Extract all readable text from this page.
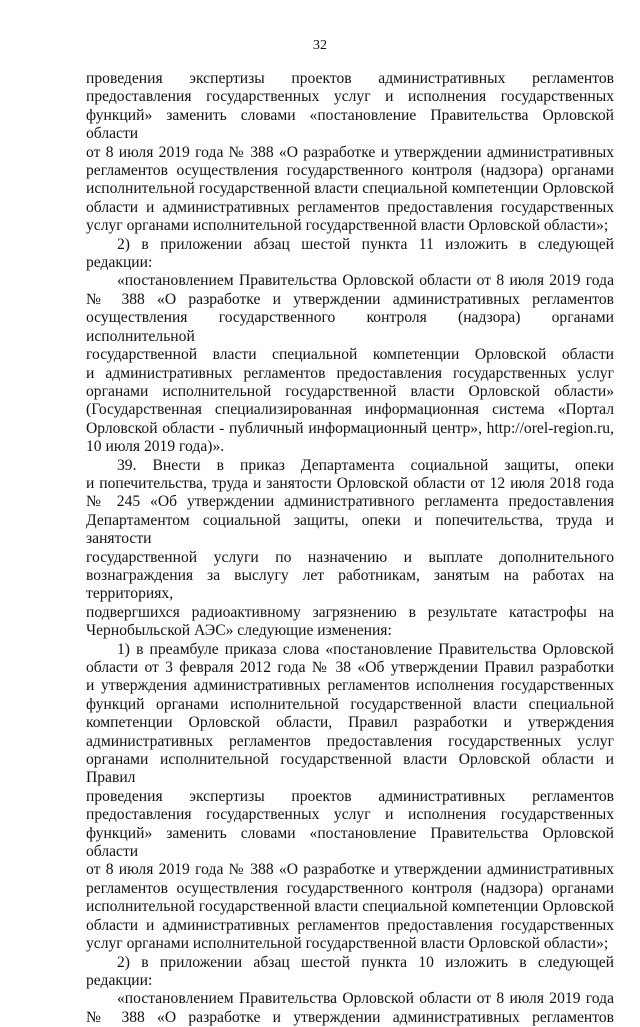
32

проведения экспертизы проектов административных регламентов

предоставления государственных услуг и исполнения государственных

функций» заменить словами «постановление Правительства Орловской области

от 8 июля 2019 года № 388 «О разработке и утверждении административных

регламентов осуществления государственного контроля (надзора) органами

исполнительной государственной власти специальной компетенции Орловской

области и административных регламентов предоставления государственных

услуг органами исполнительной государственной власти Орловской области»;

2) в приложении абзац шестой пункта 11 изложить в следующей редакции:

«постановлением Правительства Орловской области от 8 июля 2019 года

№ 388 «О разработке и утверждении административных регламентов

осуществления государственного контроля (надзора) органами исполнительной

государственной власти специальной компетенции Орловской области

и административных регламентов предоставления государственных услуг

органами исполнительной государственной власти Орловской области»

(Государственная специализированная информационная система «Портал

Орловской области - публичный информационный центр», http://orel-region.ru,

10 июля 2019 года)».

39. Внести в приказ Департамента социальной защиты, опеки

и попечительства, труда и занятости Орловской области от 12 июля 2018 года

№ 245 «Об утверждении административного регламента предоставления

Департаментом социальной защиты, опеки и попечительства, труда и занятости

государственной услуги по назначению и выплате дополнительного

вознаграждения за выслугу лет работникам, занятым на работах на территориях,

подвергшихся радиоактивному загрязнению в результате катастрофы на

Чернобыльской АЭС» следующие изменения:

1) в преамбуле приказа слова «постановление Правительства Орловской

области от 3 февраля 2012 года № 38 «Об утверждении Правил разработки

и утверждения административных регламентов исполнения государственных

функций органами исполнительной государственной власти специальной

компетенции Орловской области, Правил разработки и утверждения

административных регламентов предоставления государственных услуг

органами исполнительной государственной власти Орловской области и Правил

проведения экспертизы проектов административных регламентов

предоставления государственных услуг и исполнения государственных

функций» заменить словами «постановление Правительства Орловской области

от 8 июля 2019 года № 388 «О разработке и утверждении административных

регламентов осуществления государственного контроля (надзора) органами

исполнительной государственной власти специальной компетенции Орловской

области и административных регламентов предоставления государственных

услуг органами исполнительной государственной власти Орловской области»;

2) в приложении абзац шестой пункта 10 изложить в следующей редакции:

«постановлением Правительства Орловской области от 8 июля 2019 года

№ 388 «О разработке и утверждении административных регламентов
